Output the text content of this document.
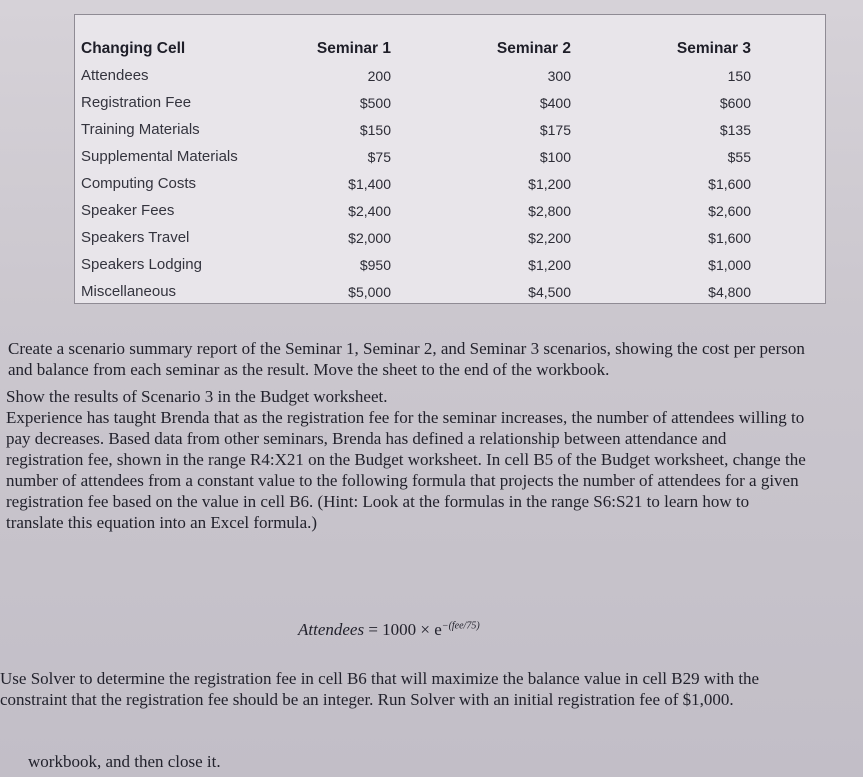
Changing Cell	Seminar 1	Seminar 2	Seminar 3
Attendees	200	300	150
Registration Fee	$500	$400	$600
Training Materials	$150	$175	$135
Supplemental Materials	$75	$100	$55
Computing Costs	$1,400	$1,200	$1,600
Speaker Fees	$2,400	$2,800	$2,600
Speakers Travel	$2,000	$2,200	$1,600
Speakers Lodging	$950	$1,200	$1,000
Miscellaneous	$5,000	$4,500	$4,800

Create a scenario summary report of the Seminar 1, Seminar 2, and Seminar 3 scenarios, showing the cost per person and balance from each seminar as the result. Move the sheet to the end of the workbook.

Show the results of Scenario 3 in the Budget worksheet.

Experience has taught Brenda that as the registration fee for the seminar increases, the number of attendees willing to pay decreases. Based data from other seminars, Brenda has defined a relationship between attendance and registration fee, shown in the range R4:X21 on the Budget worksheet. In cell B5 of the Budget worksheet, change the number of attendees from a constant value to the following formula that projects the number of attendees for a given registration fee based on the value in cell B6. (Hint: Look at the formulas in the range S6:S21 to learn how to translate this equation into an Excel formula.)

Attendees = $1000 \times e^{-(fee/75)}$

Use Solver to determine the registration fee in cell B6 that will maximize the balance value in cell B29 with the constraint that the registration fee should be an integer. Run Solver with an initial registration fee of $1,000.

workbook, and then close it.
